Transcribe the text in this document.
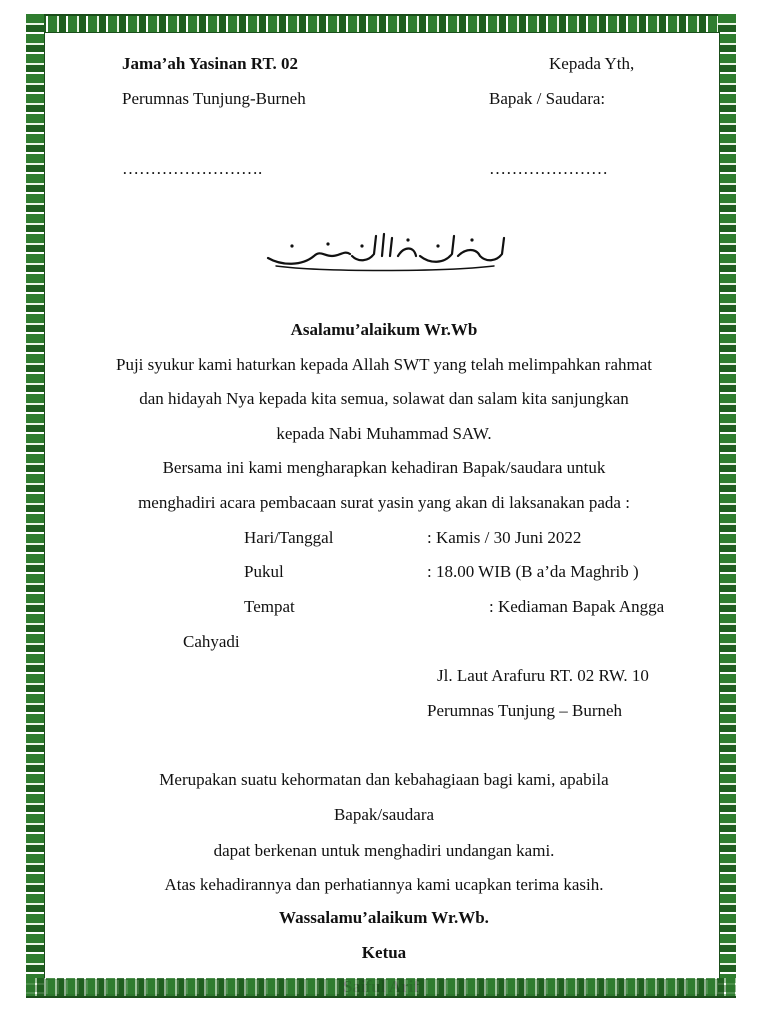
Jama’ah Yasinan RT. 02
Perumnas Tunjung-Burneh
…………………….
Kepada Yth,
Bapak / Saudara:
…………………
Asalamu’alaikum Wr.Wb
Puji syukur kami haturkan kepada Allah SWT yang telah melimpahkan rahmat
dan hidayah Nya kepada kita semua, solawat dan salam kita sanjungkan
kepada Nabi Muhammad SAW.
Bersama ini kami mengharapkan kehadiran Bapak/saudara untuk
menghadiri acara pembacaan surat yasin yang akan di laksanakan pada :
Hari/Tanggal	: Kamis / 30 Juni 2022
Pukul	: 18.00 WIB (B a’da Maghrib )
Tempat	: Kediaman Bapak Angga
Cahyadi
Jl. Laut Arafuru RT. 02 RW. 10
Perumnas Tunjung – Burneh
Merupakan suatu kehormatan dan kebahagiaan bagi kami, apabila
Bapak/saudara
dapat berkenan untuk menghadiri undangan kami.
Atas kehadirannya dan perhatiannya kami ucapkan terima kasih.
Wassalamu’alaikum Wr.Wb.
Ketua
